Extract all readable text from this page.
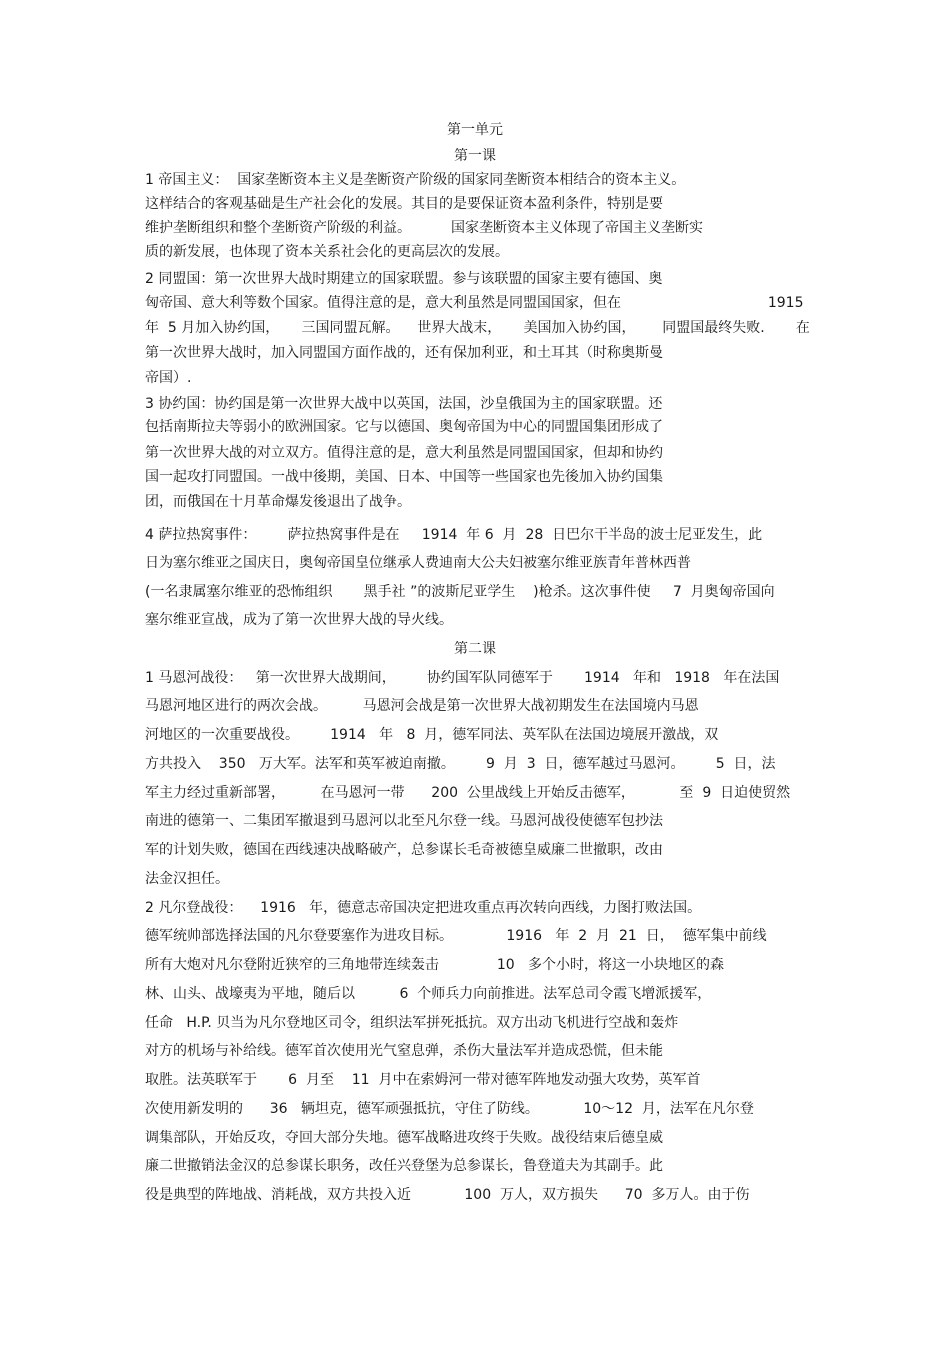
第一单元
第一课
1 帝国主义：  国家垄断资本主义是垄断资产阶级的国家同垄断资本相结合的资本主义。
这样结合的客观基础是生产社会化的发展。其目的是要保证资本盈利条件，特别是要
维护垄断组织和整个垄断资产阶级的利益。         国家垄断资本主义体现了帝国主义垄断实
质的新发展，也体现了资本关系社会化的更高层次的发展。
2 同盟国：第一次世界大战时期建立的国家联盟。参与该联盟的国家主要有德国、奥
匈帝国、意大利等数个国家。值得注意的是，意大利虽然是同盟国国家，但在                                 1915
年  5 月加入协约国，     三国同盟瓦解。    世界大战末，     美国加入协约国，      同盟国最终失败.       在
第一次世界大战时，加入同盟国方面作战的，还有保加利亚，和土耳其（时称奥斯曼
帝国）.
3 协约国：协约国是第一次世界大战中以英国，法国，沙皇俄国为主的国家联盟。还
包括南斯拉夫等弱小的欧洲国家。它与以德国、奥匈帝国为中心的同盟国集团形成了
第一次世界大战的对立双方。值得注意的是，意大利虽然是同盟国国家，但却和协约
国一起攻打同盟国。一战中後期，美国、日本、中国等一些国家也先後加入协约国集
团，而俄国在十月革命爆发後退出了战争。
4 萨拉热窝事件：       萨拉热窝事件是在     1914  年 6  月  28  日巴尔干半岛的波士尼亚发生，此
日为塞尔维亚之国庆日，奥匈帝国皇位继承人费迪南大公夫妇被塞尔维亚族青年普林西普
(一名隶属塞尔维亚的恐怖组织       黑手社 ”的波斯尼亚学生    )枪杀。这次事件使     7  月奥匈帝国向
塞尔维亚宣战，成为了第一次世界大战的导火线。
第二课
1 马恩河战役：   第一次世界大战期间，       协约国军队同德军于       1914   年和   1918   年在法国
马恩河地区进行的两次会战。        马恩河会战是第一次世界大战初期发生在法国境内马恩
河地区的一次重要战役。       1914   年   8  月，德军同法、英军队在法国边境展开激战，双
方共投入    350   万大军。法军和英军被迫南撤。       9  月  3  日，德军越过马恩河。       5  日，法
军主力经过重新部署，        在马恩河一带      200  公里战线上开始反击德军，          至  9  日迫使贸然
南进的德第一、二集团军撤退到马恩河以北至凡尔登一线。马恩河战役使德军包抄法
军的计划失败，德国在西线速决战略破产，总参谋长毛奇被德皇威廉二世撤职，改由
法金汉担任。
2 凡尔登战役：    1916   年，德意志帝国决定把进攻重点再次转向西线，力图打败法国。
德军统帅部选择法国的凡尔登要塞作为进攻目标。            1916   年  2  月  21  日，  德军集中前线
所有大炮对凡尔登附近狭窄的三角地带连续轰击             10   多个小时，将这一小块地区的森
林、山头、战壕夷为平地，随后以          6  个师兵力向前推进。法军总司令霞飞增派援军，
任命   H.P. 贝当为凡尔登地区司令，组织法军拼死抵抗。双方出动飞机进行空战和轰炸
对方的机场与补给线。德军首次使用光气窒息弹，杀伤大量法军并造成恐慌，但未能
取胜。法英联军于       6  月至    11  月中在索姆河一带对德军阵地发动强大攻势，英军首
次使用新发明的      36   辆坦克，德军顽强抵抗，守住了防线。          10～12  月，法军在凡尔登
调集部队，开始反攻，夺回大部分失地。德军战略进攻终于失败。战役结束后德皇威
廉二世撤销法金汉的总参谋长职务，改任兴登堡为总参谋长，鲁登道夫为其副手。此
役是典型的阵地战、消耗战，双方共投入近            100  万人，双方损失      70  多万人。由于伤
